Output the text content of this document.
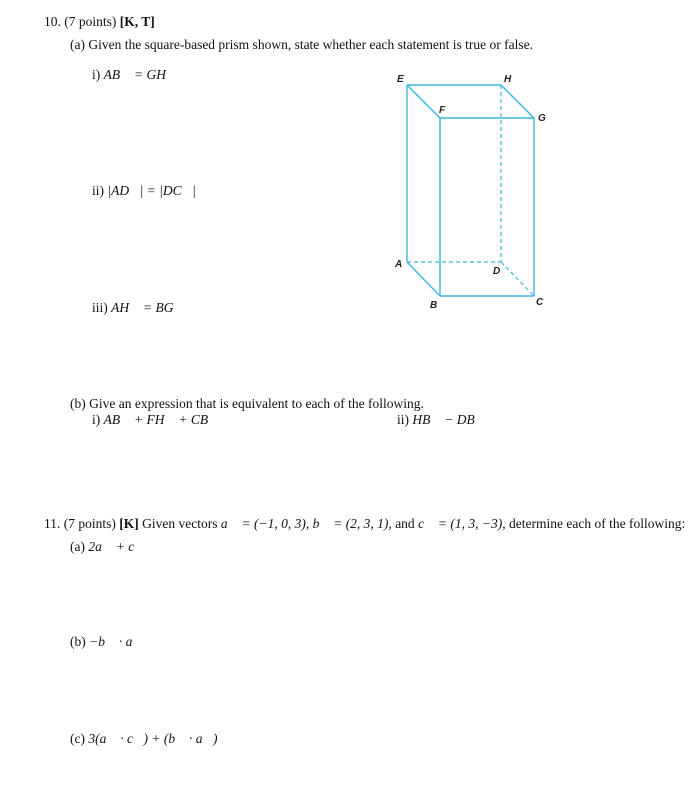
10. (7 points) [K, T]
(a) Given the square-based prism shown, state whether each statement is true or false.
i) AB⃗ = GH⃗
ii) |AD⃗| = |DC⃗|
iii) AH⃗ = BG⃗
E	H
F
G
A
D
B	C
(b) Give an expression that is equivalent to each of the following.
i) AB⃗ + FH⃗ + CB⃗	ii) HB⃗ − DB⃗
11. (7 points) [K] Given vectors a⃗ = (−1, 0, 3), b⃗ = (2, 3, 1), and c⃗ = (1, 3, −3), determine each of the following:
(a) 2a⃗ + c⃗
(b) −b⃗ · a⃗
(c) 3(a⃗ · c⃗) + (b⃗ · a⃗)
